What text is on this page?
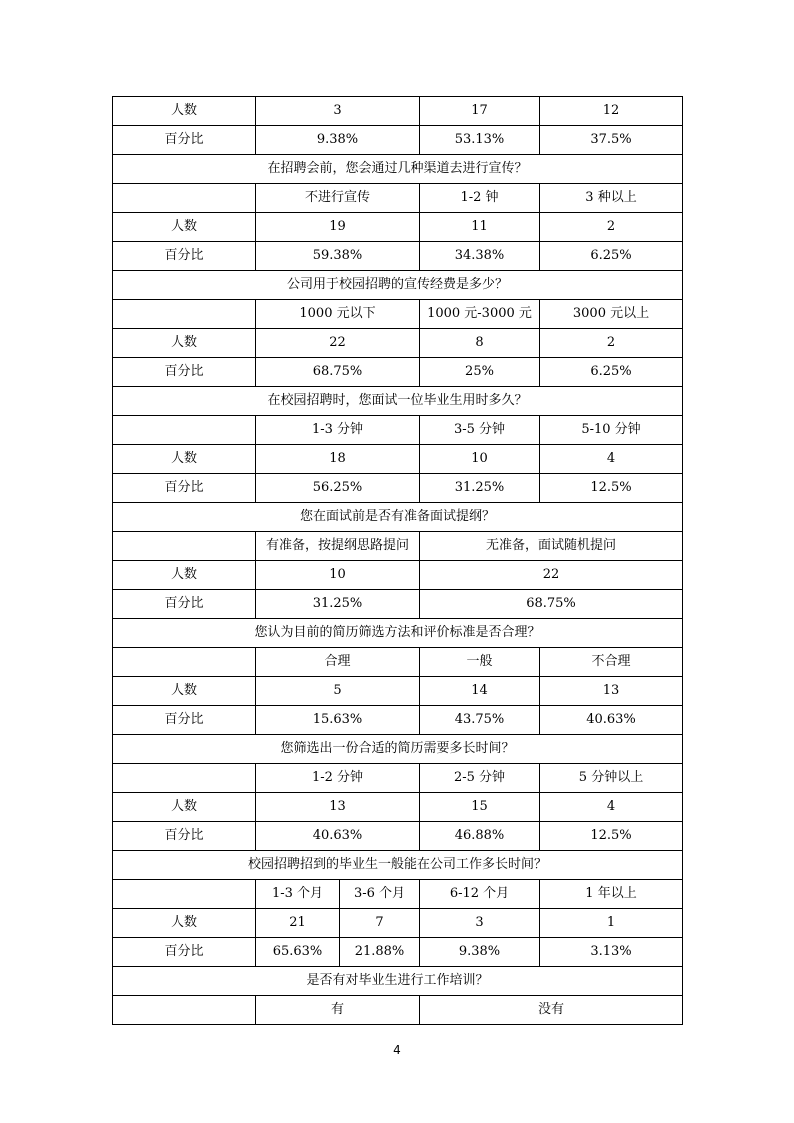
人数	3		17	12
百分比	9.38%		53.13%	37.5%
在招聘会前，您会通过几种渠道去进行宣传？				
	不进行宣传		1-2 钟	3 种以上
人数	19		11	2
百分比	59.38%		34.38%	6.25%
公司用于校园招聘的宣传经费是多少？				
	1000 元以下		1000 元-3000 元	3000 元以上
人数	22		8	2
百分比	68.75%		25%	6.25%
在校园招聘时，您面试一位毕业生用时多久？				
	1-3 分钟		3-5 分钟	5-10 分钟
人数	18		10	4
百分比	56.25%		31.25%	12.5%
您在面试前是否有准备面试提纲？				
	有准备，按提纲思路提问		无准备，面试随机提问	
人数	10		22	
百分比	31.25%		68.75%	
您认为目前的简历筛选方法和评价标准是否合理？				
	合理		一般	不合理
人数	5		14	13
百分比	15.63%		43.75%	40.63%
您筛选出一份合适的简历需要多长时间？				
	1-2 分钟		2-5 分钟	5 分钟以上
人数	13		15	4
百分比	40.63%		46.88%	12.5%
校园招聘招到的毕业生一般能在公司工作多长时间？				
	1-3 个月	3-6 个月	6-12 个月	1 年以上
人数	21	7	3	1
百分比	65.63%	21.88%	9.38%	3.13%
是否有对毕业生进行工作培训？				
	有		没有	
4
